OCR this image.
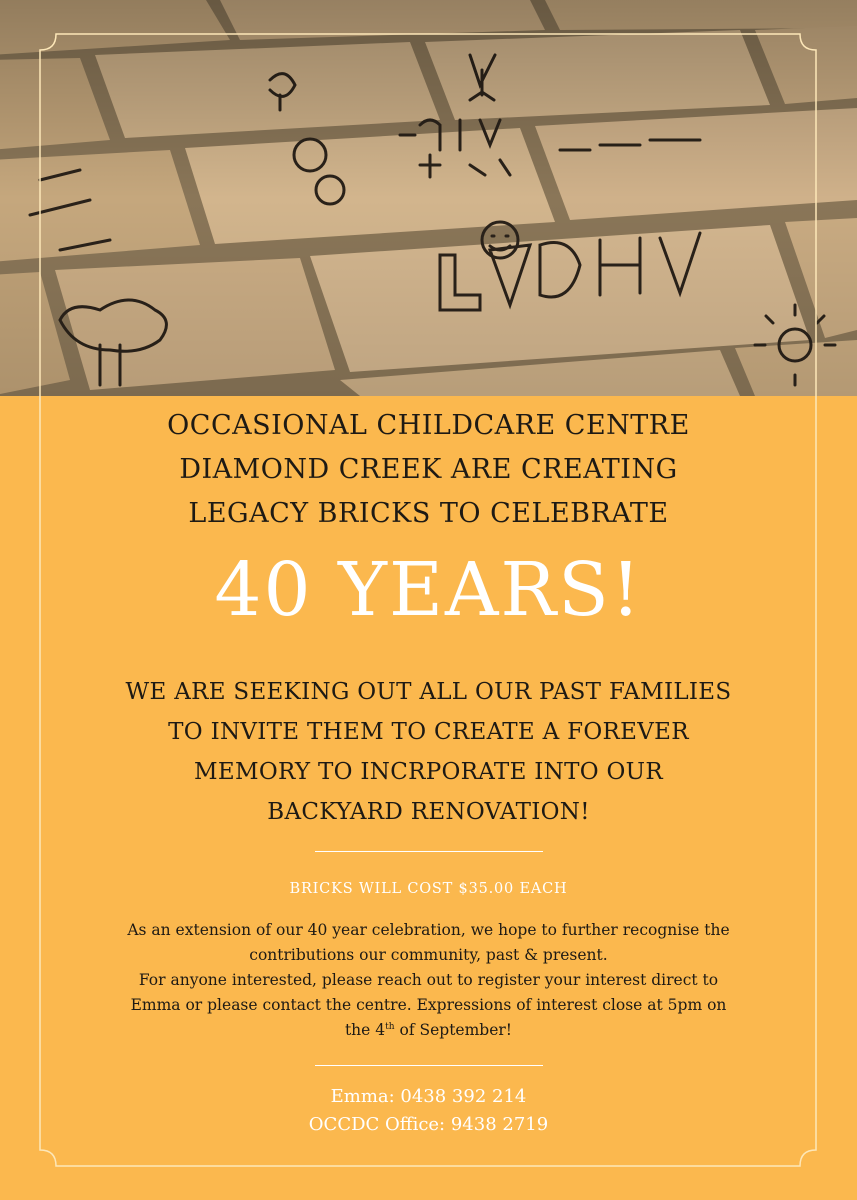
OCCASIONAL CHILDCARE CENTRE
DIAMOND CREEK ARE CREATING
LEGACY BRICKS TO CELEBRATE
40 YEARS!
WE ARE SEEKING OUT ALL OUR PAST FAMILIES
TO INVITE THEM TO CREATE A FOREVER
MEMORY TO INCRPORATE INTO OUR
BACKYARD RENOVATION!
BRICKS WILL COST $35.00 EACH
As an extension of our 40 year celebration, we hope to further recognise the
contributions our community, past & present.
For anyone interested, please reach out to register your interest direct to
Emma or please contact the centre. Expressions of interest close at 5pm on
the 4th of September!
Emma: 0438 392 214
OCCDC Office: 9438 2719
